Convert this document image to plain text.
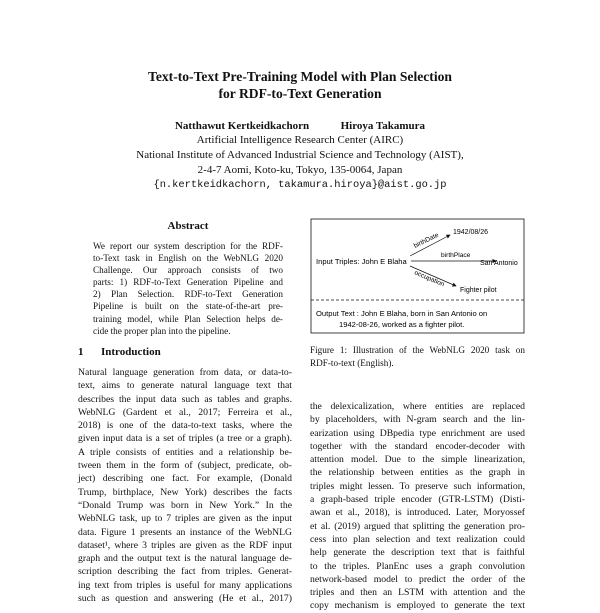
Text-to-Text Pre-Training Model with Plan Selection
for RDF-to-Text Generation
Natthawut Kertkeidkachorn	Hiroya Takamura
Artificial Intelligence Research Center (AIRC)
National Institute of Advanced Industrial Science and Technology (AIST),
2-4-7 Aomi, Koto-ku, Tokyo, 135-0064, Japan
{n.kertkeidkachorn, takamura.hiroya}@aist.go.jp
Abstract
We report our system description for the RDF-
to-Text task in English on the WebNLG 2020
Challenge. Our approach consists of two
parts: 1) RDF-to-Text Generation Pipeline and
2) Plan Selection. RDF-to-Text Generation
Pipeline is built on the state-of-the-art pre-
training model, while Plan Selection helps de-
cide the proper plan into the pipeline.
1 Introduction
Natural language generation from data, or data-to-
text, aims to generate natural language text that
describes the input data such as tables and graphs.
WebNLG (Gardent et al., 2017; Ferreira et al.,
2018) is one of the data-to-text tasks, where the
given input data is a set of triples (a tree or a graph).
A triple consists of entities and a relationship be-
tween them in the form of (subject, predicate, ob-
ject) describing one fact. For example, (Donald
Trump, birthplace, New York) describes the facts
“Donald Trump was born in New York.” In the
WebNLG task, up to 7 triples are given as the input
data. Figure 1 presents an instance of the WebNLG
dataset¹, where 3 triples are given as the RDF input
graph and the output text is the natural language de-
scription describing the fact from triples. Generat-
ing text from triples is useful for many applications
such as question and answering (He et al., 2017)
Input Triples: John E Blaha
birthDate
birthPlace
occupation
1942/08/26
San Antonio
Fighter pilot
Output Text : John E Blaha, born in San Antonio on
1942-08-26, worked as a fighter pilot.
Figure 1: Illustration of the WebNLG 2020 task on
RDF-to-text (English).
the delexicalization, where entities are replaced
by placeholders, with N-gram search and the lin-
earization using DBpedia type enrichment are used
together with the standard encoder-decoder with
attention model. Due to the simple linearization,
the relationship between entities as the graph in
triples might lessen. To preserve such information,
a graph-based triple encoder (GTR-LSTM) (Disti-
awan et al., 2018), is introduced. Later, Moryossef
et al. (2019) argued that splitting the generation pro-
cess into plan selection and text realization could
help generate the description text that is faithful
to the triples. PlanEnc uses a graph convolution
network-based model to predict the order of the
triples and then an LSTM with attention and the
copy mechanism is employed to generate the text
